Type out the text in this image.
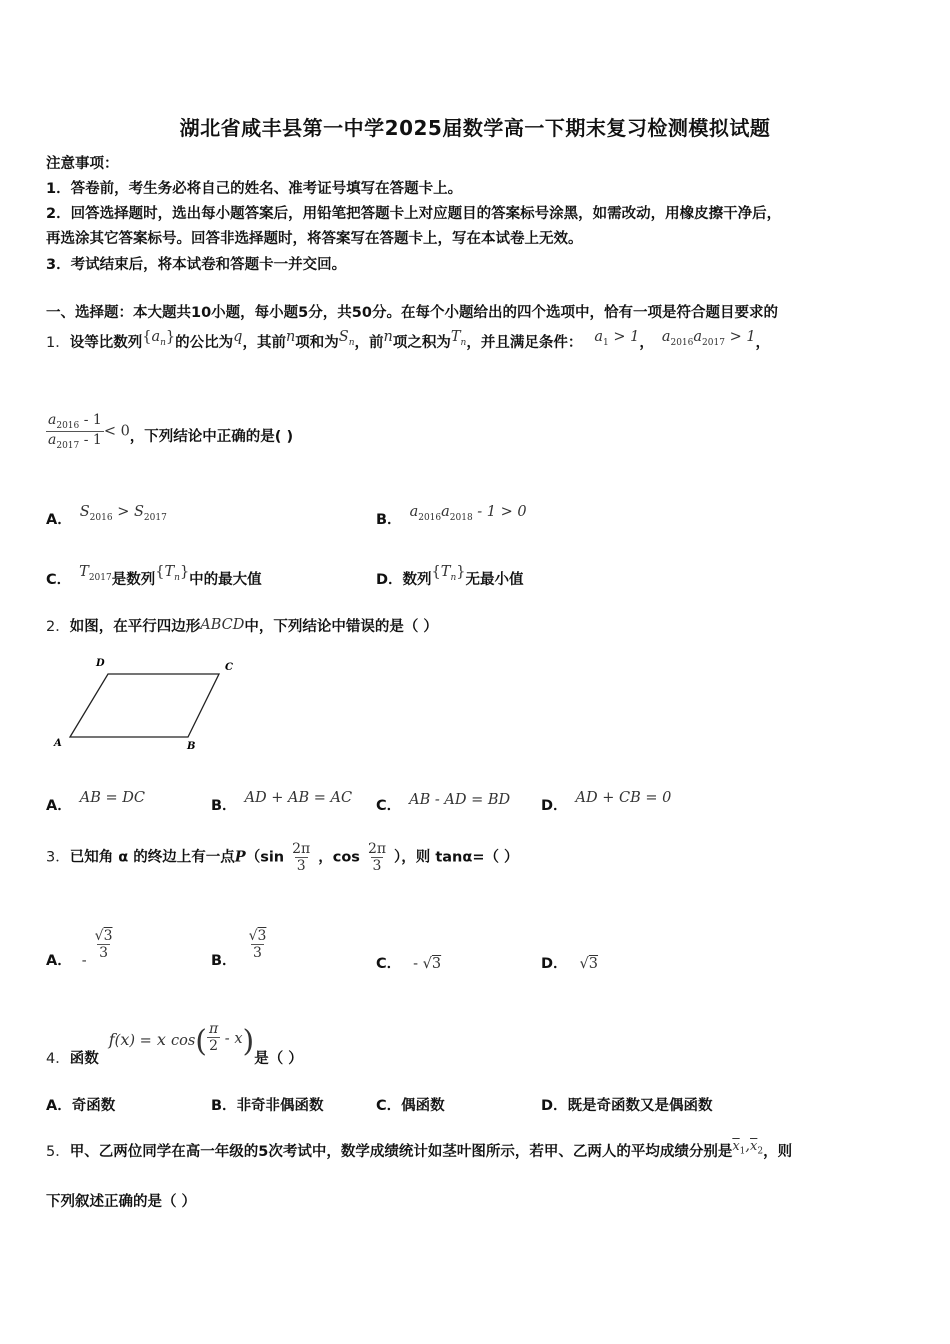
湖北省咸丰县第一中学2025届数学高一下期末复习检测模拟试题
注意事项：
1．答卷前，考生务必将自己的姓名、准考证号填写在答题卡上。
2．回答选择题时，选出每小题答案后，用铅笔把答题卡上对应题目的答案标号涂黑，如需改动，用橡皮擦干净后，
再选涂其它答案标号。回答非选择题时，将答案写在答题卡上，写在本试卷上无效。
3．考试结束后，将本试卷和答题卡一并交回。
一、选择题：本大题共10小题，每小题5分，共50分。在每个小题给出的四个选项中，恰有一项是符合题目要求的
1．设等比数列$\{a_n\}$的公比为q，其前n项和为$S_n$，前n项之积为$T_n$，并且满足条件： $a_1 > 1$， $a_{2016}a_{2017} > 1$，
$\frac{a_{2016} - 1}{a_{2017} - 1} < 0$，下列结论中正确的是( )
A． $S_{2016} > S_{2017}$	B． $a_{2016}a_{2018} - 1 > 0$
C． $T_{2017}$是数列$\{T_n\}$中的最大值	D．数列$\{T_n\}$无最小值
2．如图，在平行四边形ABCD中，下列结论中错误的是（ ）
D	C
A	B
A． AB = DC	B． AD + AB = AC C． AB - AD = BD D． AD + CB = 0
3．已知角 α 的终边上有一点$P(\sin \frac{2\pi}{3}$ ，$\cos \frac{2\pi}{3}$ ），则 tanα=（ ）
A． - $\frac{√3}{3}$	B． $\frac{√3}{3}$
C． - √3	D． √3
4．函数f(x) = x $\cos( \frac{\pi}{2} - x)$是（ ）
A．奇函数	B．非奇非偶函数	C．偶函数	D．既是奇函数又是偶函数
5．甲、乙两位同学在高一年级的5次考试中，数学成绩统计如茎叶图所示，若甲、乙两人的平均成绩分别是$\overline{x}_1,\overline{x}_2$，则
下列叙述正确的是（ ）
